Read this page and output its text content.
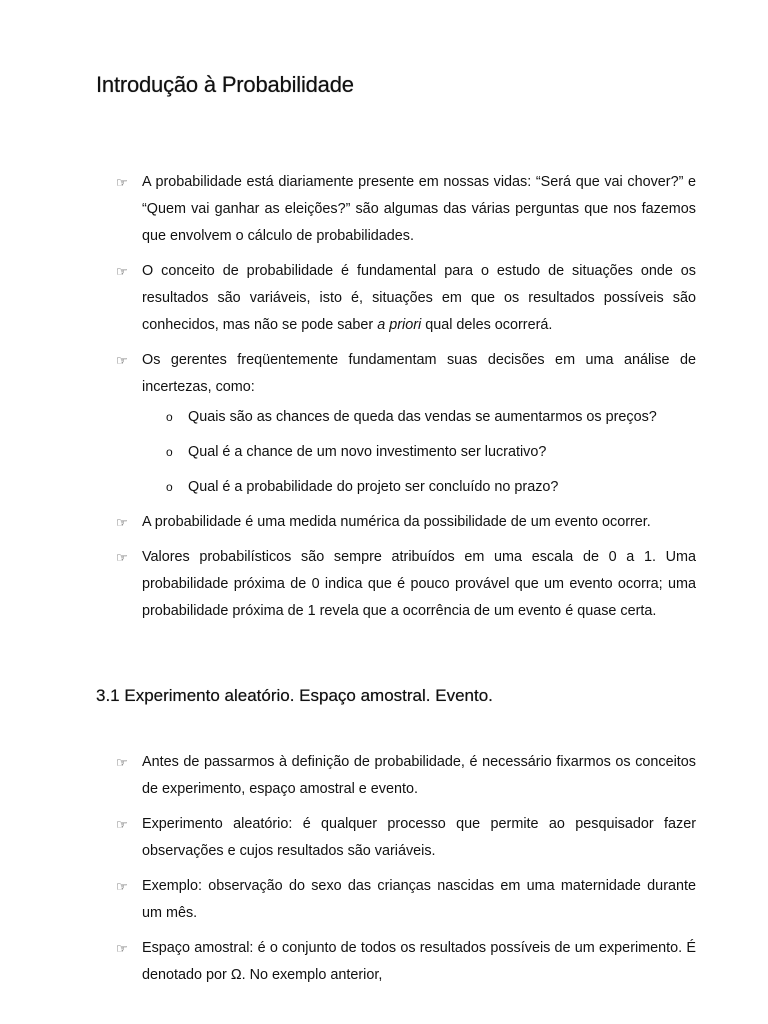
Introdução à Probabilidade
☞ A probabilidade está diariamente presente em nossas vidas: “Será que vai chover?” e “Quem vai ganhar as eleições?” são algumas das várias perguntas que nos fazemos que envolvem o cálculo de probabilidades.
☞ O conceito de probabilidade é fundamental para o estudo de situações onde os resultados são variáveis, isto é, situações em que os resultados possíveis são conhecidos, mas não se pode saber a priori qual deles ocorrerá.
☞ Os gerentes freqüentemente fundamentam suas decisões em uma análise de incertezas, como:
o Quais são as chances de queda das vendas se aumentarmos os preços?
o Qual é a chance de um novo investimento ser lucrativo?
o Qual é a probabilidade do projeto ser concluído no prazo?
☞ A probabilidade é uma medida numérica da possibilidade de um evento ocorrer.
☞ Valores probabilísticos são sempre atribuídos em uma escala de 0 a 1. Uma probabilidade próxima de 0 indica que é pouco provável que um evento ocorra; uma probabilidade próxima de 1 revela que a ocorrência de um evento é quase certa.
3.1 Experimento aleatório. Espaço amostral. Evento.
☞ Antes de passarmos à definição de probabilidade, é necessário fixarmos os conceitos de experimento, espaço amostral e evento.
☞ Experimento aleatório: é qualquer processo que permite ao pesquisador fazer observações e cujos resultados são variáveis.
☞ Exemplo: observação do sexo das crianças nascidas em uma maternidade durante um mês.
☞ Espaço amostral: é o conjunto de todos os resultados possíveis de um experimento. É denotado por Ω. No exemplo anterior,
